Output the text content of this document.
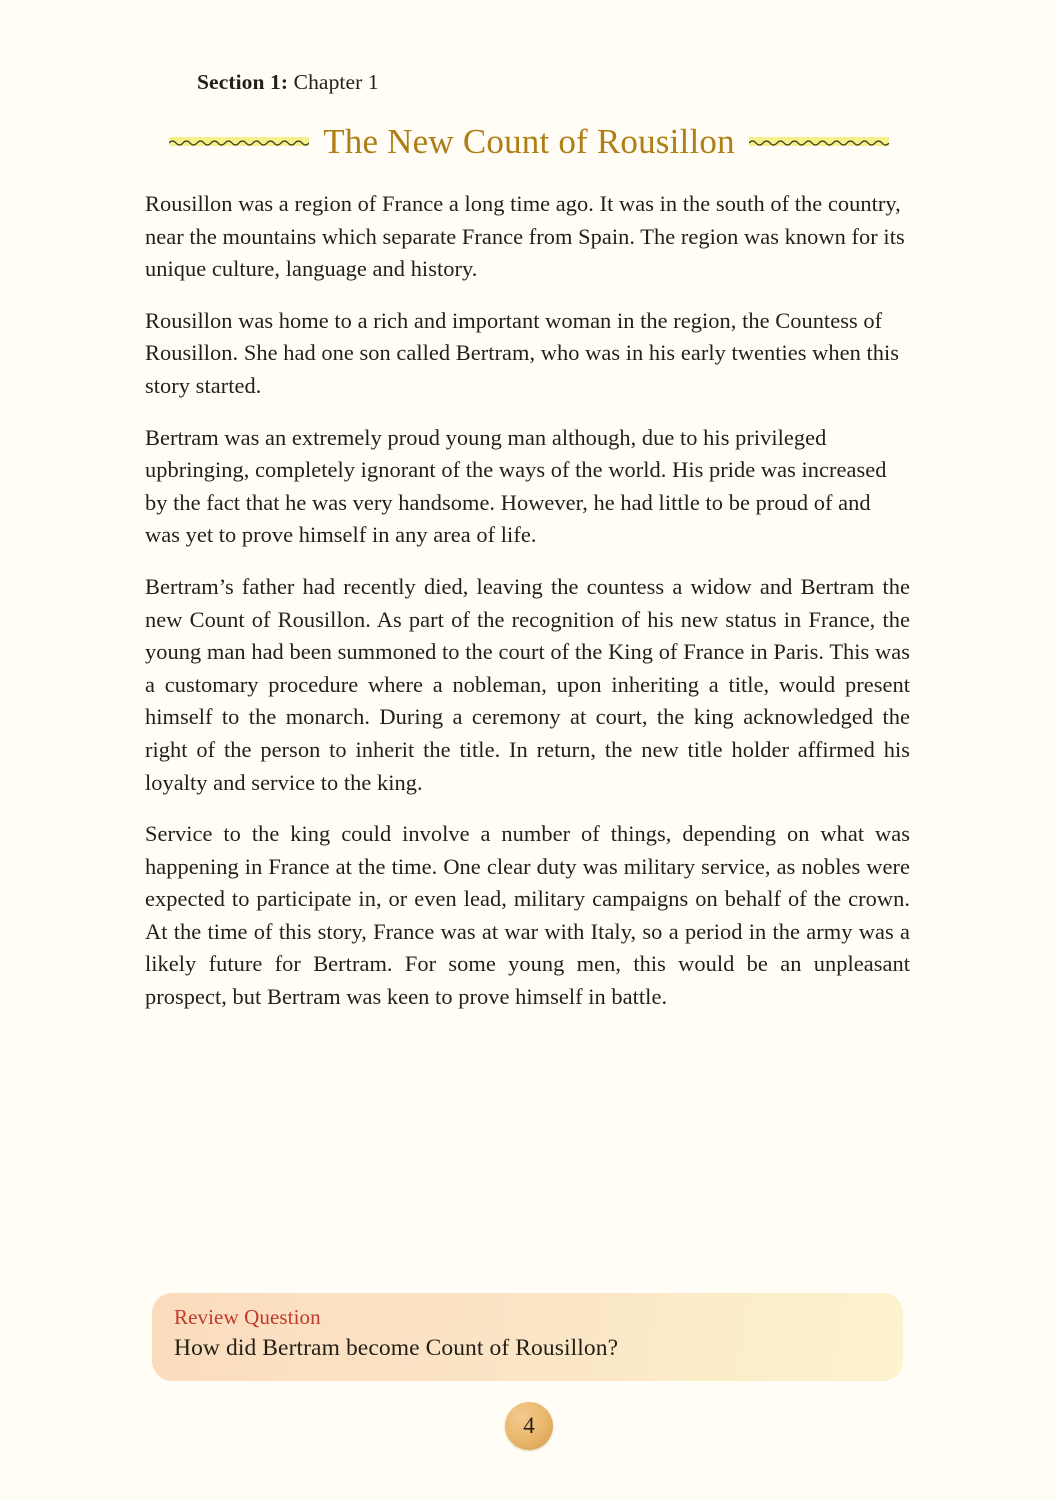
Section 1: Chapter 1
The New Count of Rousillon

Rousillon was a region of France a long time ago. It was in the south of the country, near the mountains which separate France from Spain. The region was known for its unique culture, language and history.

Rousillon was home to a rich and important woman in the region, the Countess of Rousillon. She had one son called Bertram, who was in his early twenties when this story started.

Bertram was an extremely proud young man although, due to his privileged upbringing, completely ignorant of the ways of the world. His pride was increased by the fact that he was very handsome. However, he had little to be proud of and was yet to prove himself in any area of life.

Bertram’s father had recently died, leaving the countess a widow and Bertram the new Count of Rousillon. As part of the recognition of his new status in France, the young man had been summoned to the court of the King of France in Paris. This was a customary procedure where a nobleman, upon inheriting a title, would present himself to the monarch. During a ceremony at court, the king acknowledged the right of the person to inherit the title. In return, the new title holder affirmed his loyalty and service to the king.

Service to the king could involve a number of things, depending on what was happening in France at the time. One clear duty was military service, as nobles were expected to participate in, or even lead, military campaigns on behalf of the crown. At the time of this story, France was at war with Italy, so a period in the army was a likely future for Bertram. For some young men, this would be an unpleasant prospect, but Bertram was keen to prove himself in battle.

Review Question
How did Bertram become Count of Rousillon?
4
